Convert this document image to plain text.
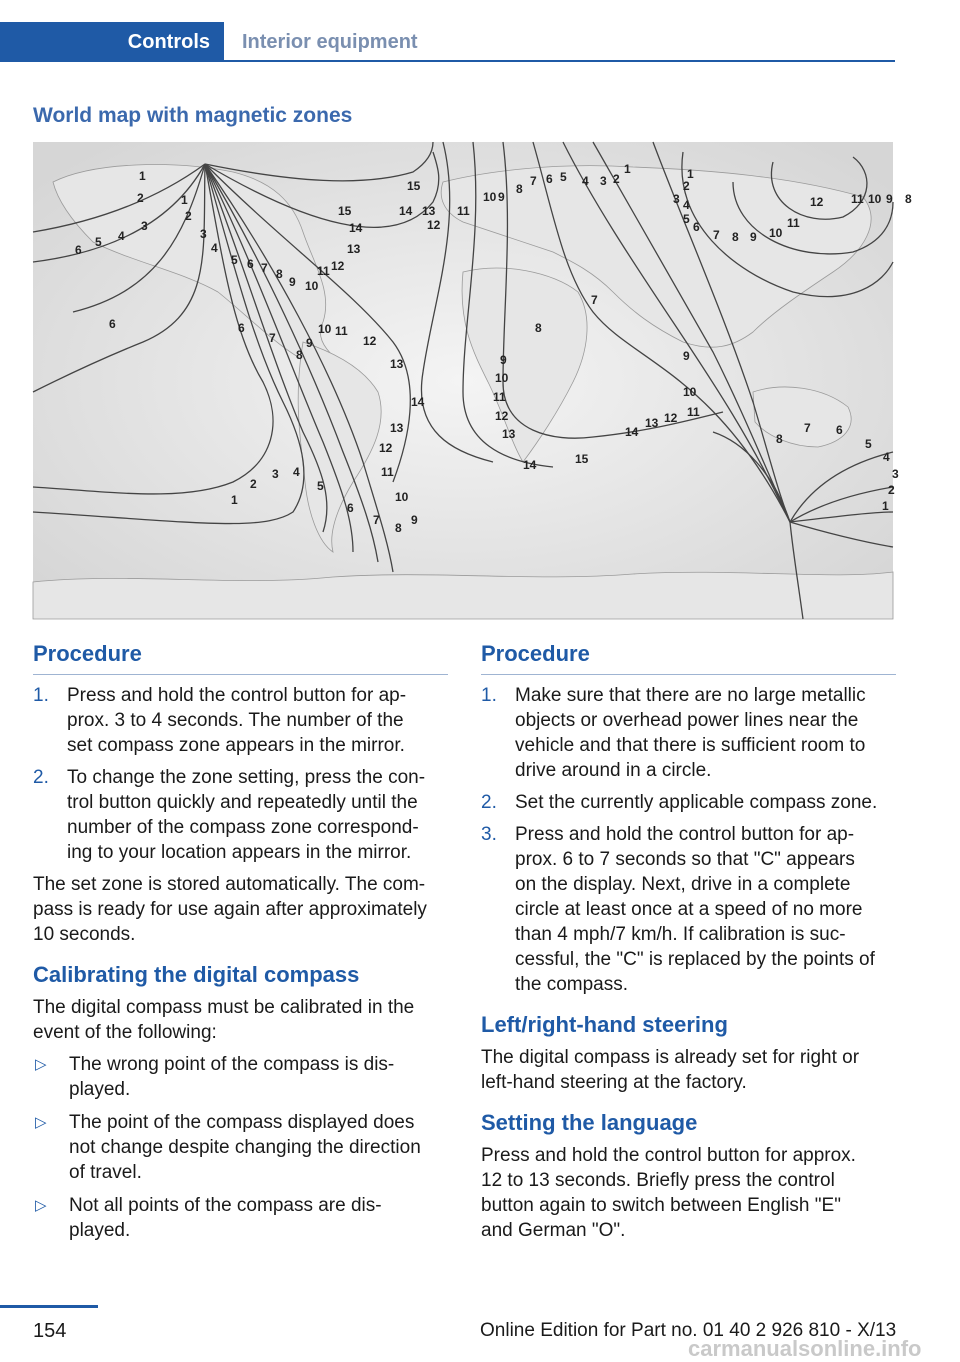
Controls	Interior equipment
World map with magnetic zones
1
2
3
4
5
6
1
2
3
4
5 6 7 8
9 10
11 12
15
15
14
14 13
12
13
11
10 9
8
7 6 5 4 3 2
1	1
2
3 4
5
6
7 8 9 10
11
12 11 10 9 8
6	6
7
8
9
10 11
12
7
8
9
10
11
12
13
9
10
11
12
13
14
13
14
13
12
11
10
9
8
7
6
5
4
3
2
1
14	15
8
7 6
5
4
3
2
1
Procedure
1. Press and hold the control button for ap‐
prox. 3 to 4 seconds. The number of the
set compass zone appears in the mirror.
2. To change the zone setting, press the con‐
trol button quickly and repeatedly until the
number of the compass zone correspond‐
ing to your location appears in the mirror.
The set zone is stored automatically. The com‐
pass is ready for use again after approximately
10 seconds.
Calibrating the digital compass
The digital compass must be calibrated in the
event of the following:
▷	The wrong point of the compass is dis‐
played.
▷	The point of the compass displayed does
not change despite changing the direction
of travel.
▷	Not all points of the compass are dis‐
played.
Procedure
1. Make sure that there are no large metallic
objects or overhead power lines near the
vehicle and that there is sufficient room to
drive around in a circle.
2. Set the currently applicable compass zone.
3. Press and hold the control button for ap‐
prox. 6 to 7 seconds so that "C" appears
on the display. Next, drive in a complete
circle at least once at a speed of no more
than 4 mph/7 km/h. If calibration is suc‐
cessful, the "C" is replaced by the points of
the compass.
Left/right-hand steering
The digital compass is already set for right or
left-hand steering at the factory.
Setting the language
Press and hold the control button for approx.
12 to 13 seconds. Briefly press the control
button again to switch between English "E"
and German "O".
154	Online Edition for Part no. 01 40 2 926 810 - X/13
carmanualsonline.info
